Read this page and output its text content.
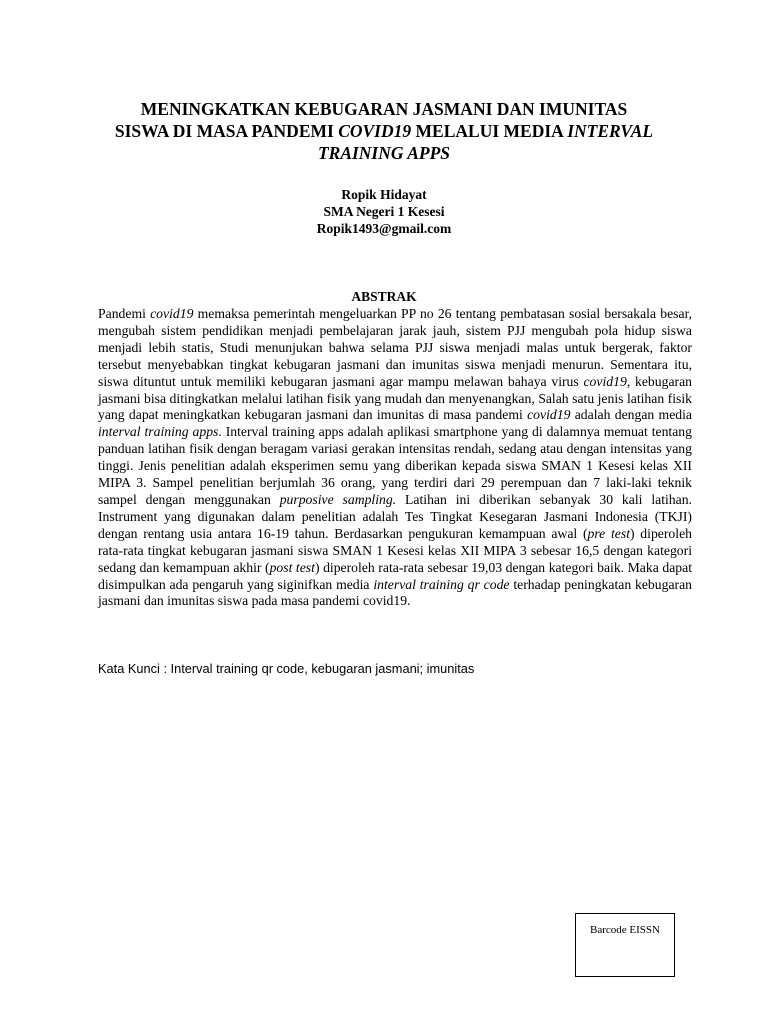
MENINGKATKAN KEBUGARAN JASMANI DAN IMUNITAS
SISWA DI MASA PANDEMI COVID19 MELALUI MEDIA INTERVAL
TRAINING APPS
Ropik Hidayat
SMA Negeri 1 Kesesi
Ropik1493@gmail.com
ABSTRAK

Pandemi covid19 memaksa pemerintah mengeluarkan PP no 26 tentang pembatasan sosial bersakala besar, mengubah sistem pendidikan menjadi pembelajaran jarak jauh, sistem PJJ mengubah pola hidup siswa menjadi lebih statis, Studi menunjukan bahwa selama PJJ siswa menjadi malas untuk bergerak, faktor tersebut menyebabkan tingkat kebugaran jasmani dan imunitas siswa menjadi menurun. Sementara itu, siswa dituntut untuk memiliki kebugaran jasmani agar mampu melawan bahaya virus covid19, kebugaran jasmani bisa ditingkatkan melalui latihan fisik yang mudah dan menyenangkan, Salah satu jenis latihan fisik yang dapat meningkatkan kebugaran jasmani dan imunitas di masa pandemi covid19 adalah dengan media interval training apps. Interval training apps adalah aplikasi smartphone yang di dalamnya memuat tentang panduan latihan fisik dengan beragam variasi gerakan intensitas rendah, sedang atau dengan intensitas yang tinggi. Jenis penelitian adalah eksperimen semu yang diberikan kepada siswa SMAN 1 Kesesi kelas XII MIPA 3. Sampel penelitian berjumlah 36 orang, yang terdiri dari 29 perempuan dan 7 laki-laki teknik sampel dengan menggunakan purposive sampling. Latihan ini diberikan sebanyak 30 kali latihan. Instrument yang digunakan dalam penelitian adalah Tes Tingkat Kesegaran Jasmani Indonesia (TKJI) dengan rentang usia antara 16-19 tahun. Berdasarkan pengukuran kemampuan awal (pre test) diperoleh rata-rata tingkat kebugaran jasmani siswa SMAN 1 Kesesi kelas XII MIPA 3 sebesar 16,5 dengan kategori sedang dan kemampuan akhir (post test) diperoleh rata-rata sebesar 19,03 dengan kategori baik. Maka dapat disimpulkan ada pengaruh yang siginifkan media interval training qr code terhadap peningkatan kebugaran jasmani dan imunitas siswa pada masa pandemi covid19.

Kata Kunci : Interval training qr code, kebugaran jasmani; imunitas
Barcode EISSN
